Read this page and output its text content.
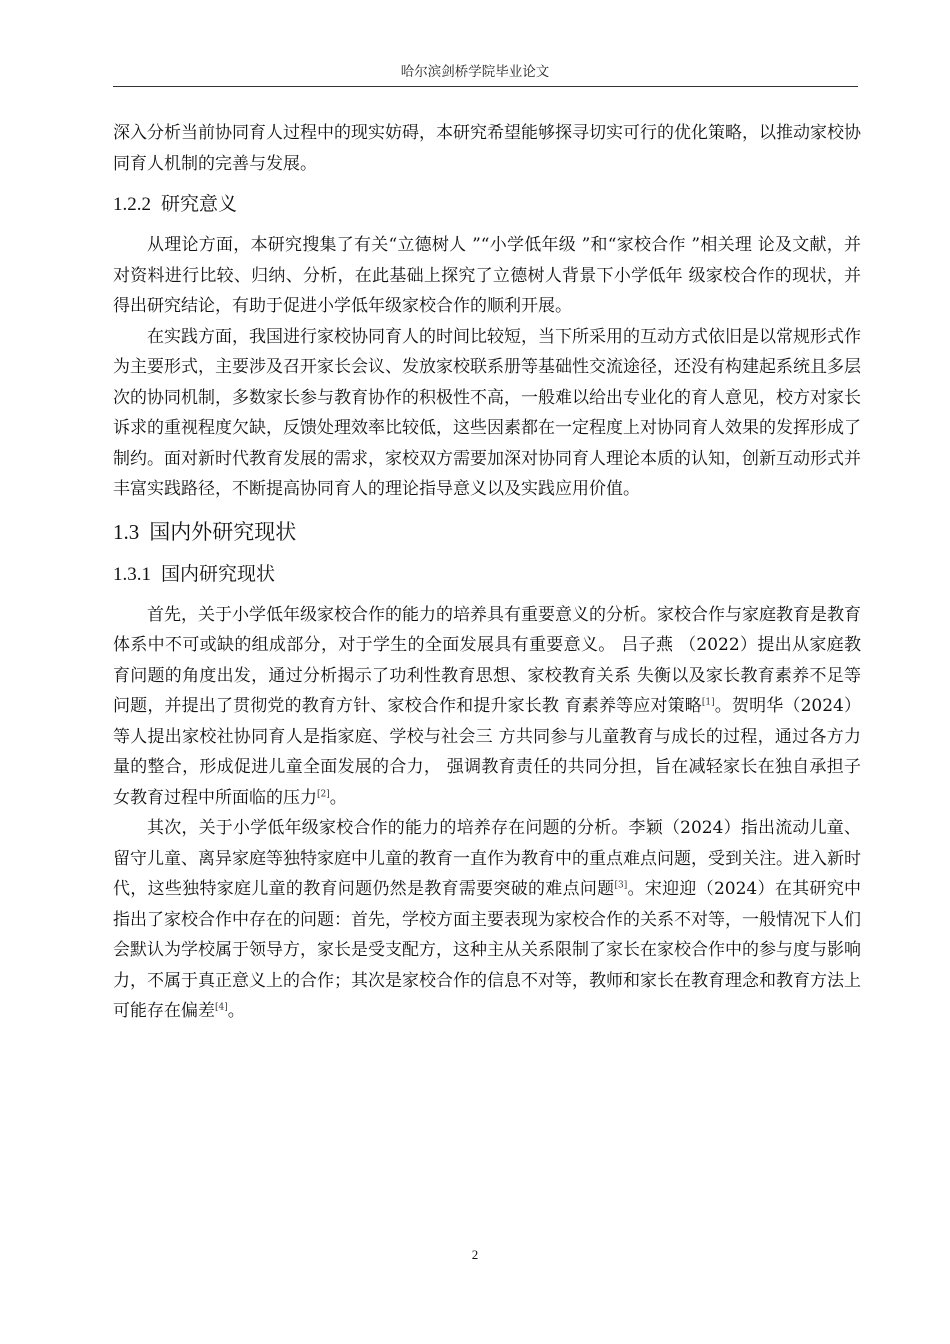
哈尔滨剑桥学院毕业论文

深入分析当前协同育人过程中的现实妨碍，本研究希望能够探寻切实可行的优化策略，以推动家校协同育人机制的完善与发展。

1.2.2 研究意义

从理论方面，本研究搜集了有关“立德树人 ”“小学低年级 ”和“家校合作 ”相关理 论及文献，并对资料进行比较、归纳、分析，在此基础上探究了立德树人背景下小学低年 级家校合作的现状，并得出研究结论，有助于促进小学低年级家校合作的顺利开展。

在实践方面，我国进行家校协同育人的时间比较短，当下所采用的互动方式依旧是以常规形式作为主要形式，主要涉及召开家长会议、发放家校联系册等基础性交流途径，还没有构建起系统且多层次的协同机制，多数家长参与教育协作的积极性不高，一般难以给出专业化的育人意见，校方对家长诉求的重视程度欠缺，反馈处理效率比较低，这些因素都在一定程度上对协同育人效果的发挥形成了制约。面对新时代教育发展的需求，家校双方需要加深对协同育人理论本质的认知，创新互动形式并丰富实践路径，不断提高协同育人的理论指导意义以及实践应用价值。

1.3 国内外研究现状
1.3.1 国内研究现状

首先，关于小学低年级家校合作的能力的培养具有重要意义的分析。家校合作与家庭教育是教育体系中不可或缺的组成部分，对于学生的全面发展具有重要意义。 吕子燕 （2022）提出从家庭教育问题的角度出发，通过分析揭示了功利性教育思想、家校教育关系 失衡以及家长教育素养不足等问题，并提出了贯彻党的教育方针、家校合作和提升家长教 育素养等应对策略[1]。贺明华（2024）等人提出家校社协同育人是指家庭、学校与社会三 方共同参与儿童教育与成长的过程，通过各方力量的整合，形成促进儿童全面发展的合力， 强调教育责任的共同分担，旨在减轻家长在独自承担子女教育过程中所面临的压力[2]。

其次，关于小学低年级家校合作的能力的培养存在问题的分析。李颖（2024）指出流动儿童、留守儿童、离异家庭等独特家庭中儿童的教育一直作为教育中的重点难点问题，受到关注。进入新时代，这些独特家庭儿童的教育问题仍然是教育需要突破的难点问题[3]。宋迎迎（2024）在其研究中指出了家校合作中存在的问题：首先，学校方面主要表现为家校合作的关系不对等，一般情况下人们会默认为学校属于领导方，家长是受支配方，这种主从关系限制了家长在家校合作中的参与度与影响力，不属于真正意义上的合作；其次是家校合作的信息不对等，教师和家长在教育理念和教育方法上可能存在偏差[4]。

2
